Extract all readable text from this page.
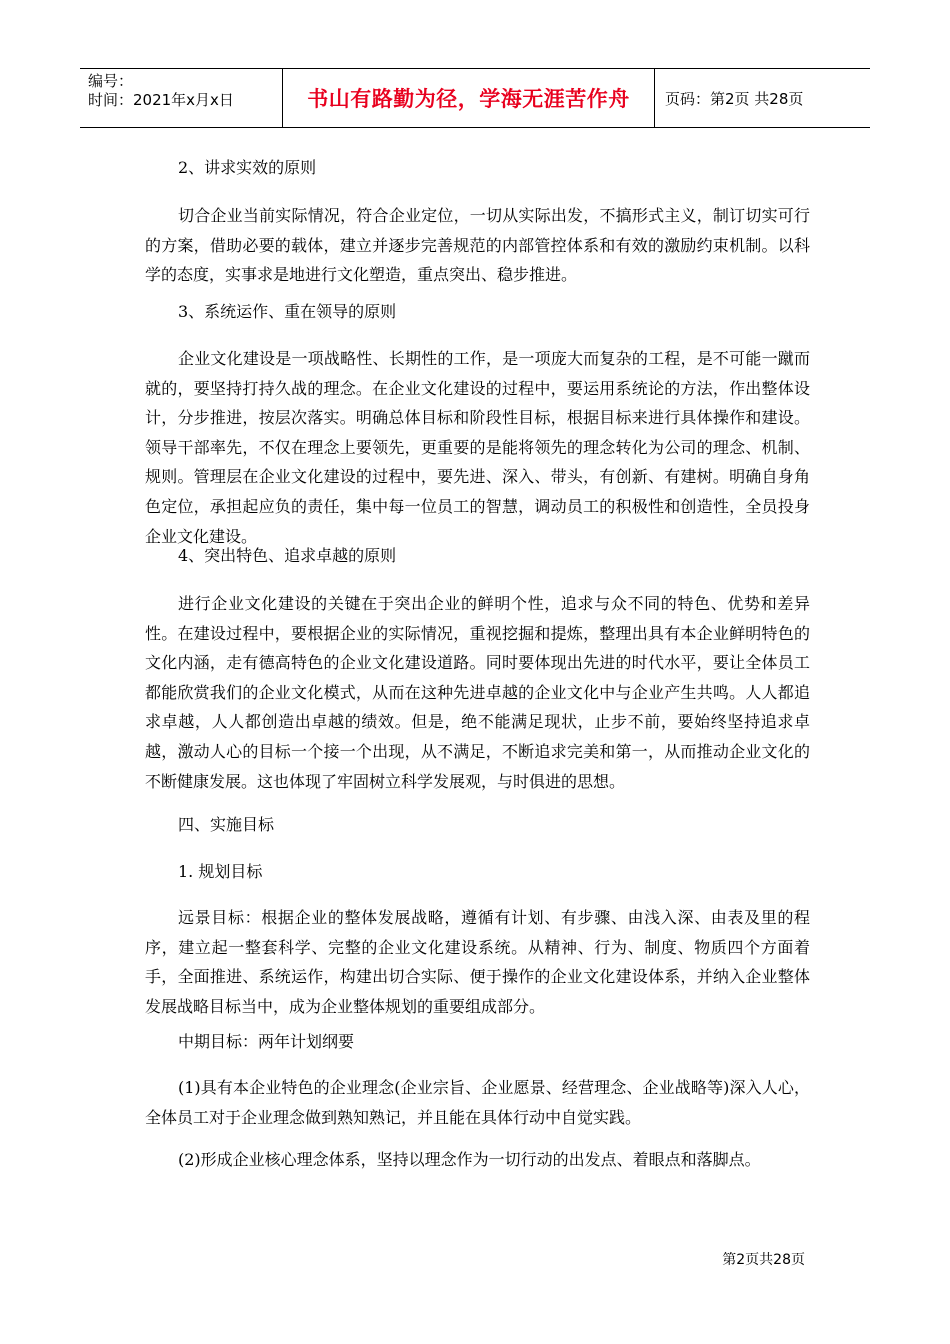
编号：
时间：2021年x月x日	书山有路勤为径，学海无涯苦作舟 页码：第2页 共28页
2、讲求实效的原则
切合企业当前实际情况，符合企业定位，一切从实际出发，不搞形式主义，制订切实可行的方案，借助必要的载体，建立并逐步完善规范的内部管控体系和有效的激励约束机制。以科学的态度，实事求是地进行文化塑造，重点突出、稳步推进。
3、系统运作、重在领导的原则
企业文化建设是一项战略性、长期性的工作，是一项庞大而复杂的工程，是不可能一蹴而就的，要坚持打持久战的理念。在企业文化建设的过程中，要运用系统论的方法，作出整体设计，分步推进，按层次落实。明确总体目标和阶段性目标，根据目标来进行具体操作和建设。领导干部率先，不仅在理念上要领先，更重要的是能将领先的理念转化为公司的理念、机制、规则。管理层在企业文化建设的过程中，要先进、深入、带头，有创新、有建树。明确自身角色定位，承担起应负的责任，集中每一位员工的智慧，调动员工的积极性和创造性，全员投身企业文化建设。
4、突出特色、追求卓越的原则
进行企业文化建设的关键在于突出企业的鲜明个性，追求与众不同的特色、优势和差异性。在建设过程中，要根据企业的实际情况，重视挖掘和提炼，整理出具有本企业鲜明特色的文化内涵，走有德高特色的企业文化建设道路。同时要体现出先进的时代水平，要让全体员工都能欣赏我们的企业文化模式，从而在这种先进卓越的企业文化中与企业产生共鸣。人人都追求卓越，人人都创造出卓越的绩效。但是，绝不能满足现状，止步不前，要始终坚持追求卓越，激动人心的目标一个接一个出现，从不满足，不断追求完美和第一，从而推动企业文化的不断健康发展。这也体现了牢固树立科学发展观，与时俱进的思想。
四、实施目标
1. 规划目标
远景目标：根据企业的整体发展战略，遵循有计划、有步骤、由浅入深、由表及里的程序，建立起一整套科学、完整的企业文化建设系统。从精神、行为、制度、物质四个方面着手，全面推进、系统运作，构建出切合实际、便于操作的企业文化建设体系，并纳入企业整体发展战略目标当中，成为企业整体规划的重要组成部分。
中期目标：两年计划纲要
(1)具有本企业特色的企业理念(企业宗旨、企业愿景、经营理念、企业战略等)深入人心，全体员工对于企业理念做到熟知熟记，并且能在具体行动中自觉实践。
(2)形成企业核心理念体系，坚持以理念作为一切行动的出发点、着眼点和落脚点。
第2页共28页
